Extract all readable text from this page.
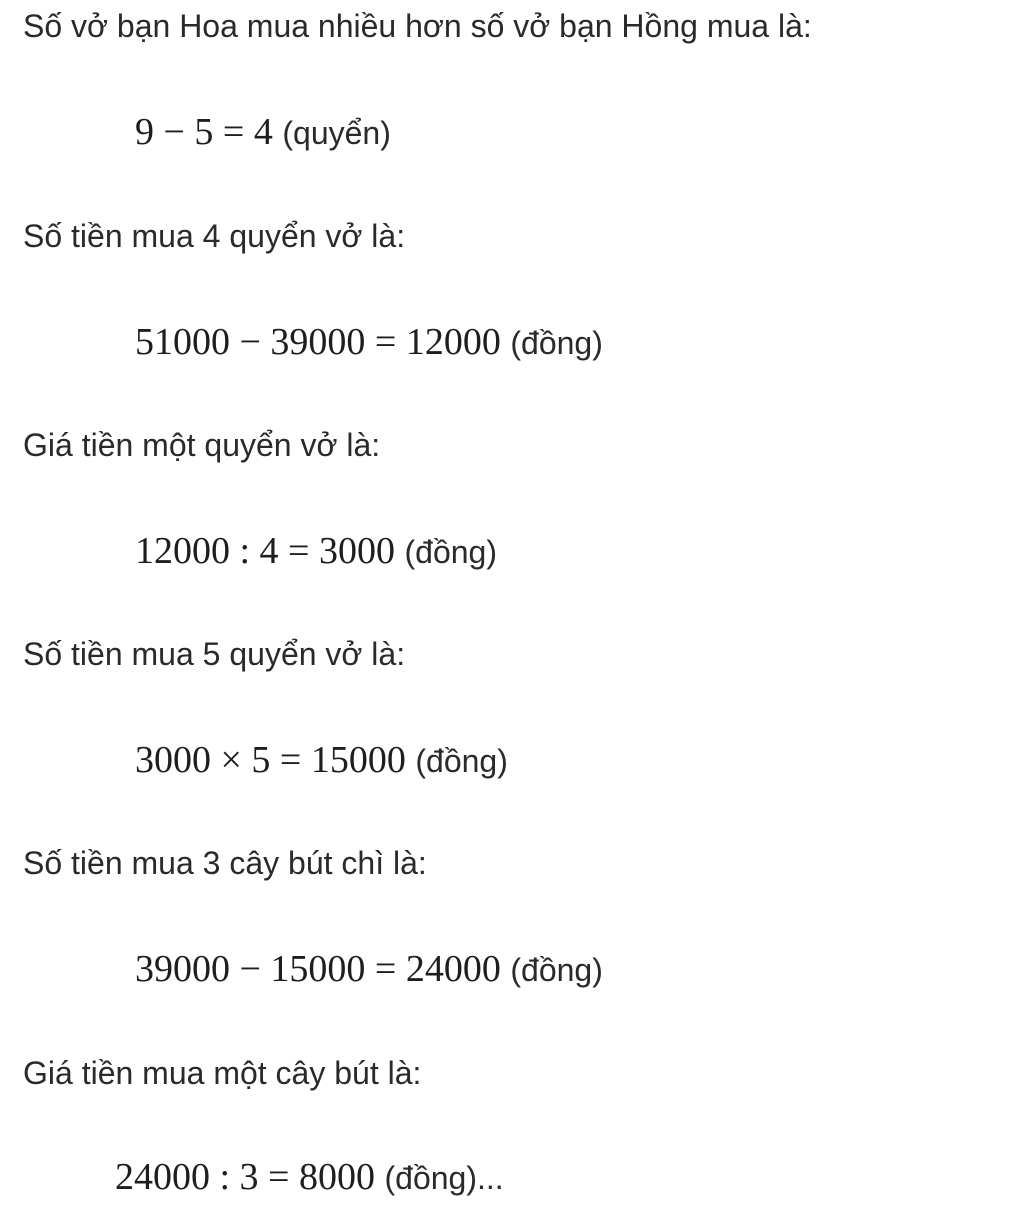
Số vở bạn Hoa mua nhiều hơn số vở bạn Hồng mua là:
9 − 5 = 4 (quyển)
Số tiền mua 4 quyển vở là:
51000 − 39000 = 12000 (đồng)
Giá tiền một quyển vở là:
12000 : 4 = 3000 (đồng)
Số tiền mua 5 quyển vở là:
3000 × 5 = 15000 (đồng)
Số tiền mua 3 cây bút chì là:
39000 − 15000 = 24000 (đồng)
Giá tiền mua một cây bút là:
24000 : 3 = 8000 (đồng)...
